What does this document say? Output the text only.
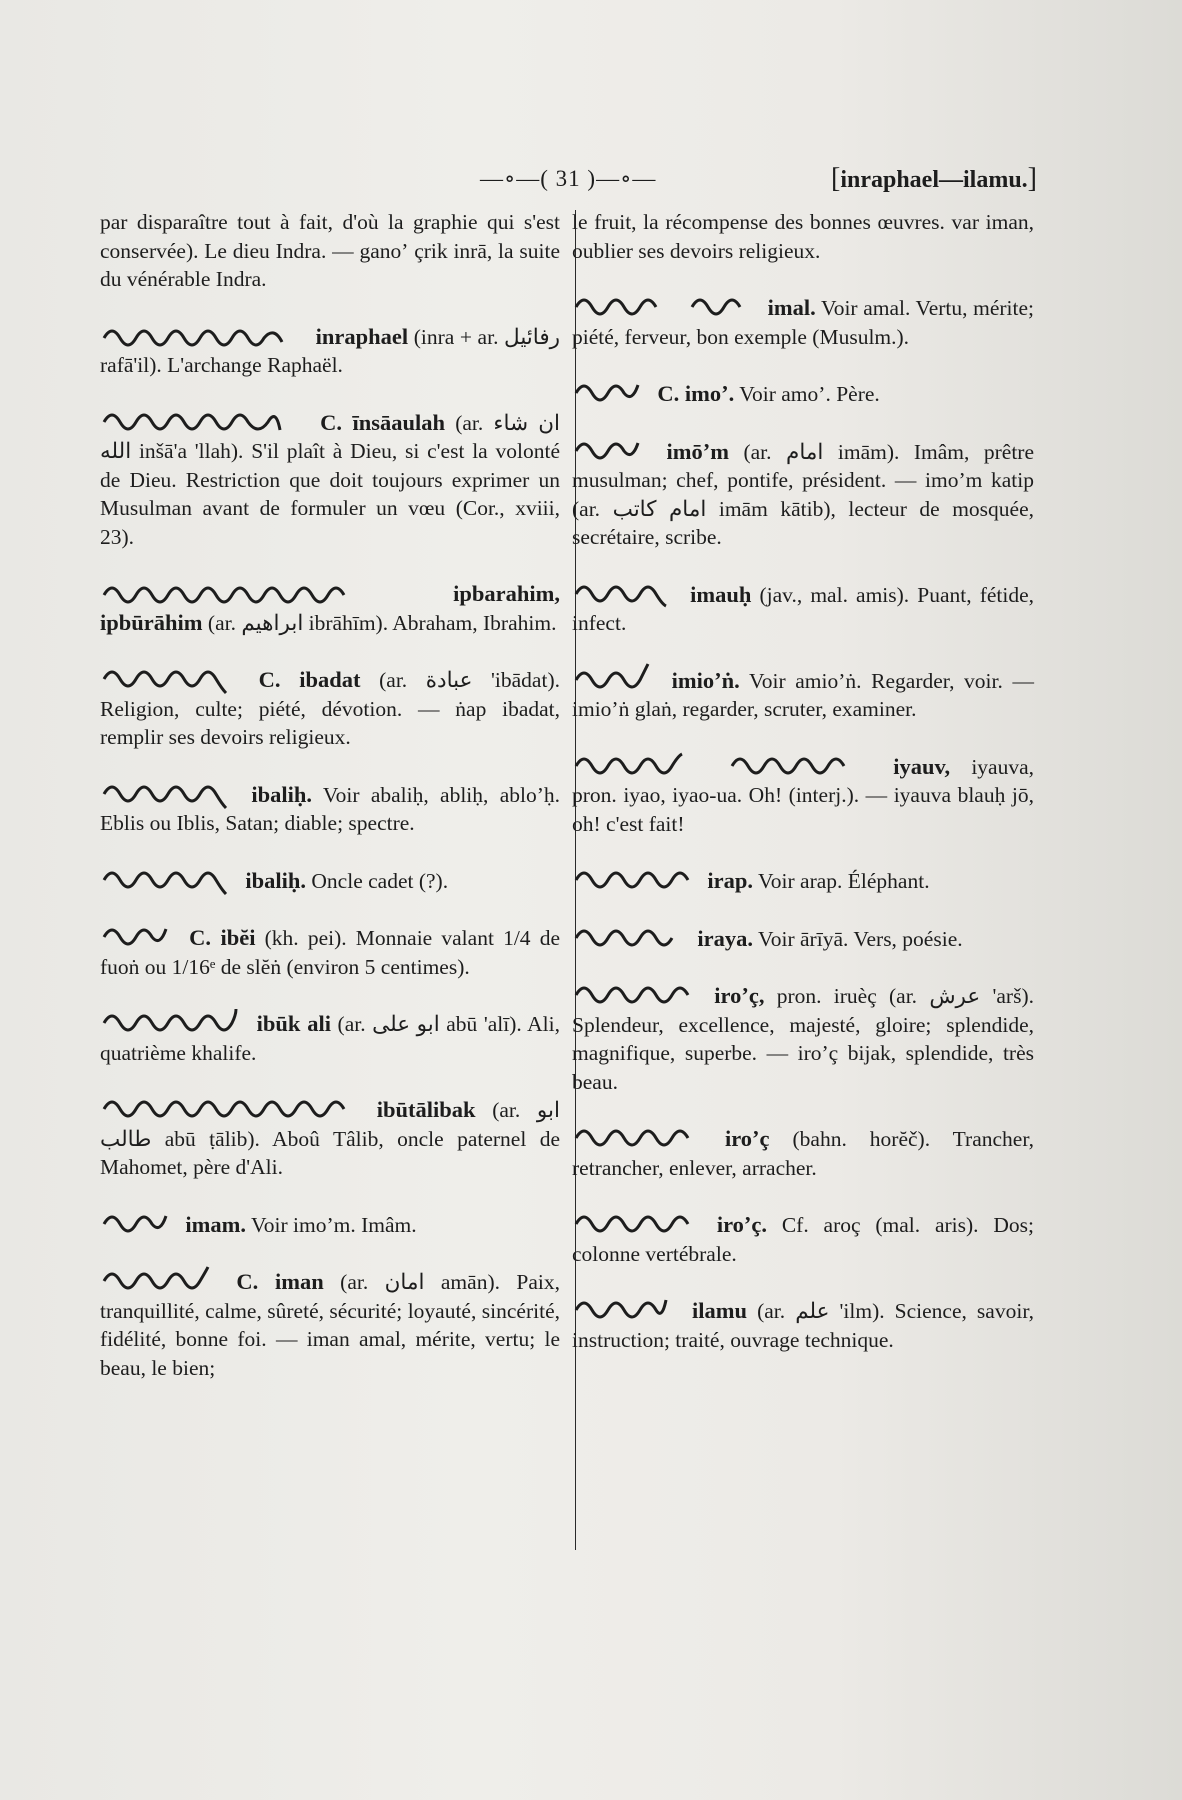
—∘—( 31 )—∘—	[inraphael—ilamu.]

par disparaître tout à fait, d'où la graphie qui s'est conservée). Le dieu Indra. — ganoʼ çrik inrā, la suite du vénérable Indra.

inraphael (inra + ar. رفائيل rafā'il). L'archange Raphaël.

C. īnsāaulah (ar. ان شاء الله inšā'a 'llah). S'il plaît à Dieu, si c'est la volonté de Dieu. Restriction que doit toujours exprimer un Musulman avant de formuler un vœu (Cor., xviii, 23).

ipbarahim, ipbūrāhim (ar. ابراهيم ibrāhīm). Abraham, Ibrahim.

C. ibadat (ar. عبادة 'ibādat). Religion, culte; piété, dévotion. — ṅap ibadat, remplir ses devoirs religieux.

ibaliḥ. Voir abaliḥ, abliḥ, abloʼḥ. Eblis ou Iblis, Satan; diable; spectre.

ibaliḥ. Oncle cadet (?).

C. ibĕi (kh. pei). Monnaie valant 1/4 de fuoṅ ou 1/16ᵉ de slĕṅ (environ 5 centimes).

ibūk ali (ar. ابو علی abū 'alī). Ali, quatrième khalife.

ibūtālibak (ar. ابو طالب abū ṭālib). Aboû Tâlib, oncle paternel de Mahomet, père d'Ali.

imam. Voir imoʼm. Imâm.

C. iman (ar. امان amān). Paix, tranquillité, calme, sûreté, sécurité; loyauté, sincérité, fidélité, bonne foi. — iman amal, mérite, vertu; le beau, le bien;

le fruit, la récompense des bonnes œuvres. var iman, oublier ses devoirs religieux.

imal. Voir amal. Vertu, mérite; piété, ferveur, bon exemple (Musulm.).

C. imoʼ. Voir amoʼ. Père.

imōʼm (ar. امام imām). Imâm, prêtre musulman; chef, pontife, président. — imoʼm katip (ar. امام كاتب imām kātib), lecteur de mosquée, secrétaire, scribe.

imauḥ (jav., mal. amis). Puant, fétide, infect.

imioʼṅ. Voir amioʼṅ. Regarder, voir. — imioʼṅ glaṅ, regarder, scruter, examiner.

iyauv, iyauva, pron. iyao, iyao-ua. Oh! (interj.). — iyauva blauḥ jō, oh! c'est fait!

irap. Voir arap. Éléphant.

iraya. Voir ārīyā. Vers, poésie.

iroʼç, pron. iruèç (ar. عرش 'arš). Splendeur, excellence, majesté, gloire; splendide, magnifique, superbe. — iroʼç bijak, splendide, très beau.

iroʼç (bahn. horĕč). Trancher, retrancher, enlever, arracher.

iroʼç. Cf. aroç (mal. aris). Dos; colonne vertébrale.

ilamu (ar. علم 'ilm). Science, savoir, instruction; traité, ouvrage technique.
